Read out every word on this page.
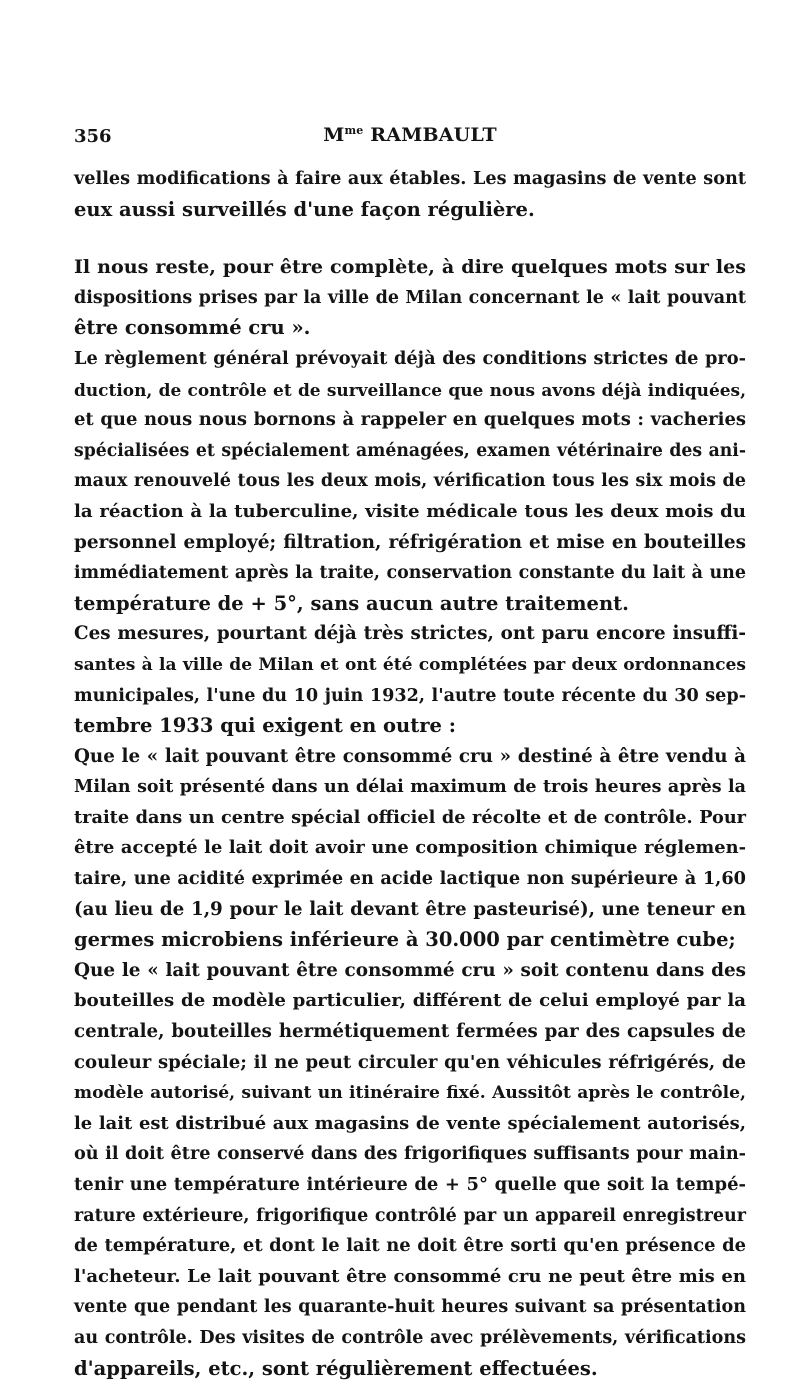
356	$M^{me}$ RAMBAULT
velles modifications à faire aux étables. Les magasins de vente sont
eux aussi surveillés d'une façon régulière.
Il nous reste, pour être complète, à dire quelques mots sur les
dispositions prises par la ville de Milan concernant le « lait pouvant
être consommé cru ».
Le règlement général prévoyait déjà des conditions strictes de pro-
duction, de contrôle et de surveillance que nous avons déjà indiquées,
et que nous nous bornons à rappeler en quelques mots : vacheries
spécialisées et spécialement aménagées, examen vétérinaire des ani-
maux renouvelé tous les deux mois, vérification tous les six mois de
la réaction à la tuberculine, visite médicale tous les deux mois du
personnel employé; filtration, réfrigération et mise en bouteilles
immédiatement après la traite, conservation constante du lait à une
température de + 5°, sans aucun autre traitement.
Ces mesures, pourtant déjà très strictes, ont paru encore insuffi-
santes à la ville de Milan et ont été complétées par deux ordonnances
municipales, l'une du 10 juin 1932, l'autre toute récente du 30 sep-
tembre 1933 qui exigent en outre :
Que le « lait pouvant être consommé cru » destiné à être vendu à
Milan soit présenté dans un délai maximum de trois heures après la
traite dans un centre spécial officiel de récolte et de contrôle. Pour
être accepté le lait doit avoir une composition chimique réglemen-
taire, une acidité exprimée en acide lactique non supérieure à 1,60
(au lieu de 1,9 pour le lait devant être pasteurisé), une teneur en
germes microbiens inférieure à 30.000 par centimètre cube;
Que le « lait pouvant être consommé cru » soit contenu dans des
bouteilles de modèle particulier, différent de celui employé par la
centrale, bouteilles hermétiquement fermées par des capsules de
couleur spéciale; il ne peut circuler qu'en véhicules réfrigérés, de
modèle autorisé, suivant un itinéraire fixé. Aussitôt après le contrôle,
le lait est distribué aux magasins de vente spécialement autorisés,
où il doit être conservé dans des frigorifiques suffisants pour main-
tenir une température intérieure de + 5° quelle que soit la tempé-
rature extérieure, frigorifique contrôlé par un appareil enregistreur
de température, et dont le lait ne doit être sorti qu'en présence de
l'acheteur. Le lait pouvant être consommé cru ne peut être mis en
vente que pendant les quarante-huit heures suivant sa présentation
au contrôle. Des visites de contrôle avec prélèvements, vérifications
d'appareils, etc., sont régulièrement effectuées.
